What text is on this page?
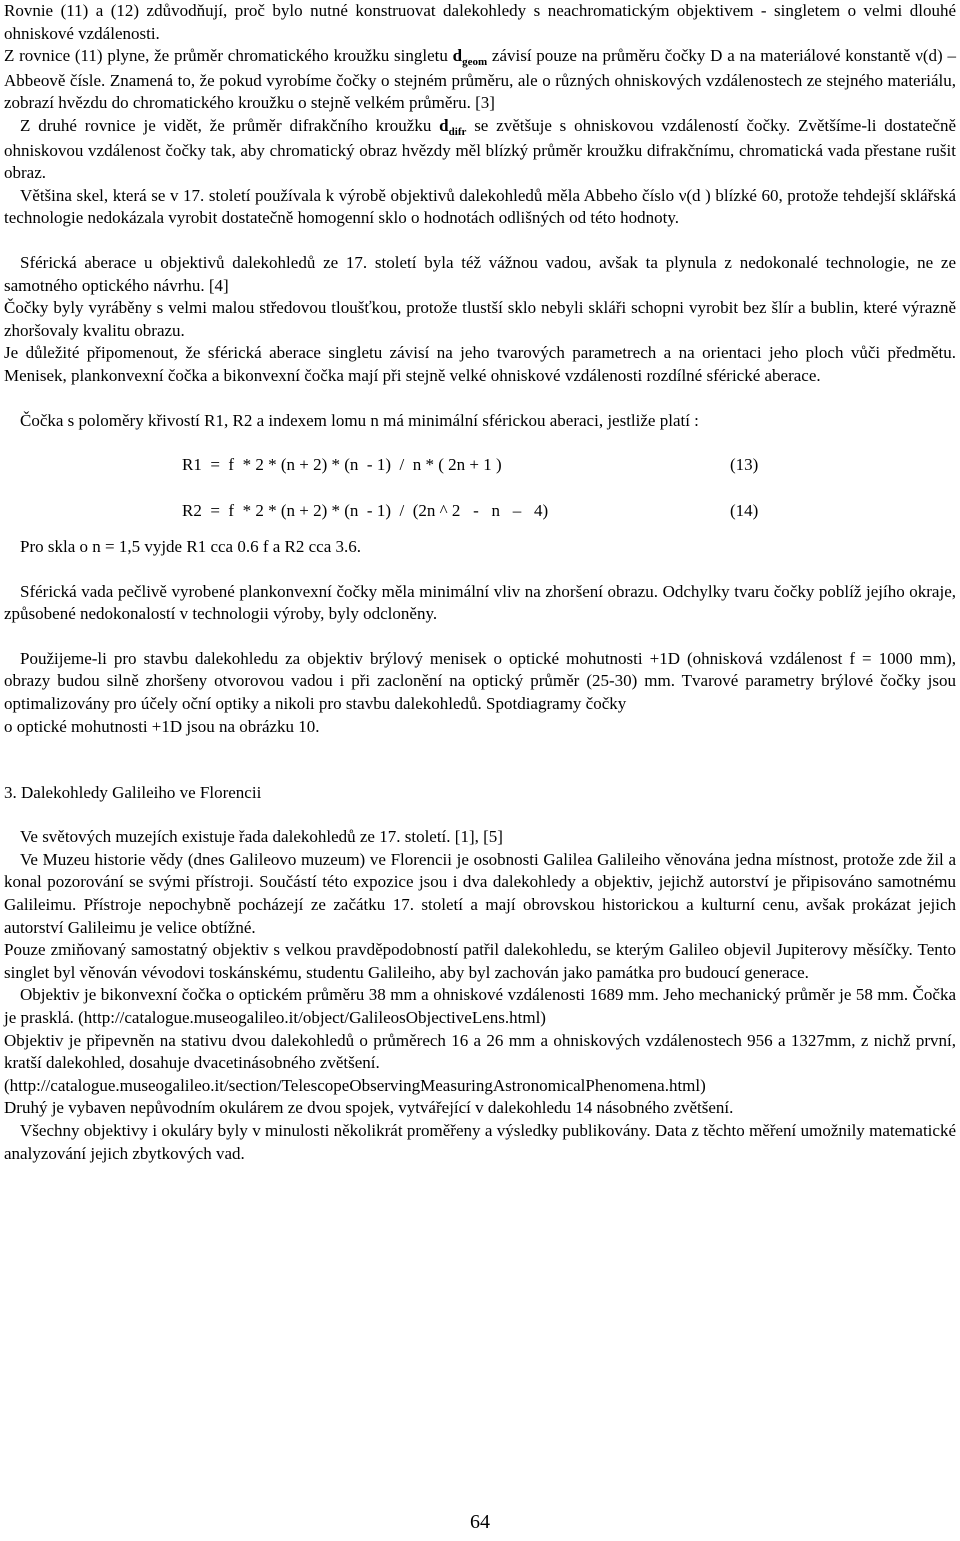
Rovnie (11) a (12) zdůvodňují, proč bylo nutné konstruovat dalekohledy s neachromatickým objektivem - singletem o velmi dlouhé ohniskové vzdálenosti.

Z rovnice (11) plyne, že průměr chromatického kroužku singletu $d_{geom}$ závisí pouze na průměru čočky D a na materiálové konstantě ν(d) – Abbeově čísle. Znamená to, že pokud vyrobíme čočky o stejném průměru, ale o různých ohniskových vzdálenostech ze stejného materiálu, zobrazí hvězdu do chromatického kroužku o stejně velkém průměru. [3]

Z druhé rovnice je vidět, že průměr difrakčního kroužku $d_{difr}$ se zvětšuje s ohniskovou vzdáleností čočky. Zvětšíme-li dostatečně ohniskovou vzdálenost čočky tak, aby chromatický obraz hvězdy měl blízký průměr kroužku difrakčnímu, chromatická vada přestane rušit obraz.

Většina skel, která se v 17. století používala k výrobě objektivů dalekohledů měla Abbeho číslo ν(d ) blízké 60, protože tehdejší sklářská technologie nedokázala vyrobit dostatečně homogenní sklo o hodnotách odlišných od této hodnoty.

Sférická aberace u objektivů dalekohledů ze 17. století byla též vážnou vadou, avšak ta plynula z nedokonalé technologie, ne ze samotného optického návrhu. [4]

Čočky byly vyráběny s velmi malou středovou tloušťkou, protože tlustší sklo nebyli skláři schopni vyrobit bez šlír a bublin, které výrazně zhoršovaly kvalitu obrazu.

Je důležité připomenout, že sférická aberace singletu závisí na jeho tvarových parametrech a na orientaci jeho ploch vůči předmětu. Menisek, plankonvexní čočka a bikonvexní čočka mají při stejně velké ohniskové vzdálenosti rozdílné sférické aberace.

Čočka s poloměry křivostí R1, R2 a indexem lomu n má minimální sférickou aberaci, jestliže platí :

R1  =  f  * 2 * (n + 2) * (n  - 1)  /  n * ( 2n + 1 )	(13)
R2  =  f  * 2 * (n + 2) * (n  - 1)  /  (2n ^ 2   -   n   –   4)	(14)

Pro skla o n = 1,5 vyjde R1 cca 0.6 f a R2 cca 3.6.

Sférická vada pečlivě vyrobené plankonvexní čočky měla minimální vliv na zhoršení obrazu. Odchylky tvaru čočky poblíž jejího okraje, způsobené nedokonalostí v technologii výroby, byly odcloněny.

Použijeme-li pro stavbu dalekohledu za objektiv brýlový menisek o optické mohutnosti +1D (ohnisková vzdálenost f = 1000 mm), obrazy budou silně zhoršeny otvorovou vadou i při zaclonění na optický průměr (25-30) mm. Tvarové parametry brýlové čočky jsou optimalizovány pro účely oční optiky a nikoli pro stavbu dalekohledů. Spotdiagramy čočky

o optické mohutnosti +1D jsou na obrázku 10.

3. Dalekohledy Galileiho ve Florencii

Ve světových muzejích existuje řada dalekohledů ze 17. století. [1], [5]

Ve Muzeu historie vědy (dnes Galileovo muzeum) ve Florencii je osobnosti Galilea Galileiho věnována jedna místnost, protože zde žil a konal pozorování se svými přístroji. Součástí této expozice jsou i dva dalekohledy a objektiv, jejichž autorství je připisováno samotnému Galileimu. Přístroje nepochybně pocházejí ze začátku 17. století a mají obrovskou historickou a kulturní cenu, avšak prokázat jejich autorství Galileimu je velice obtížné.

Pouze zmiňovaný samostatný objektiv s velkou pravděpodobností patřil dalekohledu, se kterým Galileo objevil Jupiterovy měsíčky. Tento singlet byl věnován vévodovi toskánskému, studentu Galileiho, aby byl zachován jako památka pro budoucí generace.

Objektiv je bikonvexní čočka o optickém průměru 38 mm a ohniskové vzdálenosti 1689 mm. Jeho mechanický průměr je 58 mm. Čočka je prasklá. (http://catalogue.museogalileo.it/object/GalileosObjectiveLens.html)

Objektiv je připevněn na stativu dvou dalekohledů o průměrech 16 a 26 mm a ohniskových vzdálenostech 956 a 1327mm, z nichž první, kratší dalekohled, dosahuje dvacetinásobného zvětšení.

(http://catalogue.museogalileo.it/section/TelescopeObservingMeasuringAstronomicalPhenomena.html)

Druhý je vybaven nepůvodním okulárem ze dvou spojek, vytvářející v dalekohledu 14 násobného zvětšení.

Všechny objektivy i okuláry byly v minulosti několikrát proměřeny a výsledky publikovány. Data z těchto měření umožnily matematické analyzování jejich zbytkových vad.

64
